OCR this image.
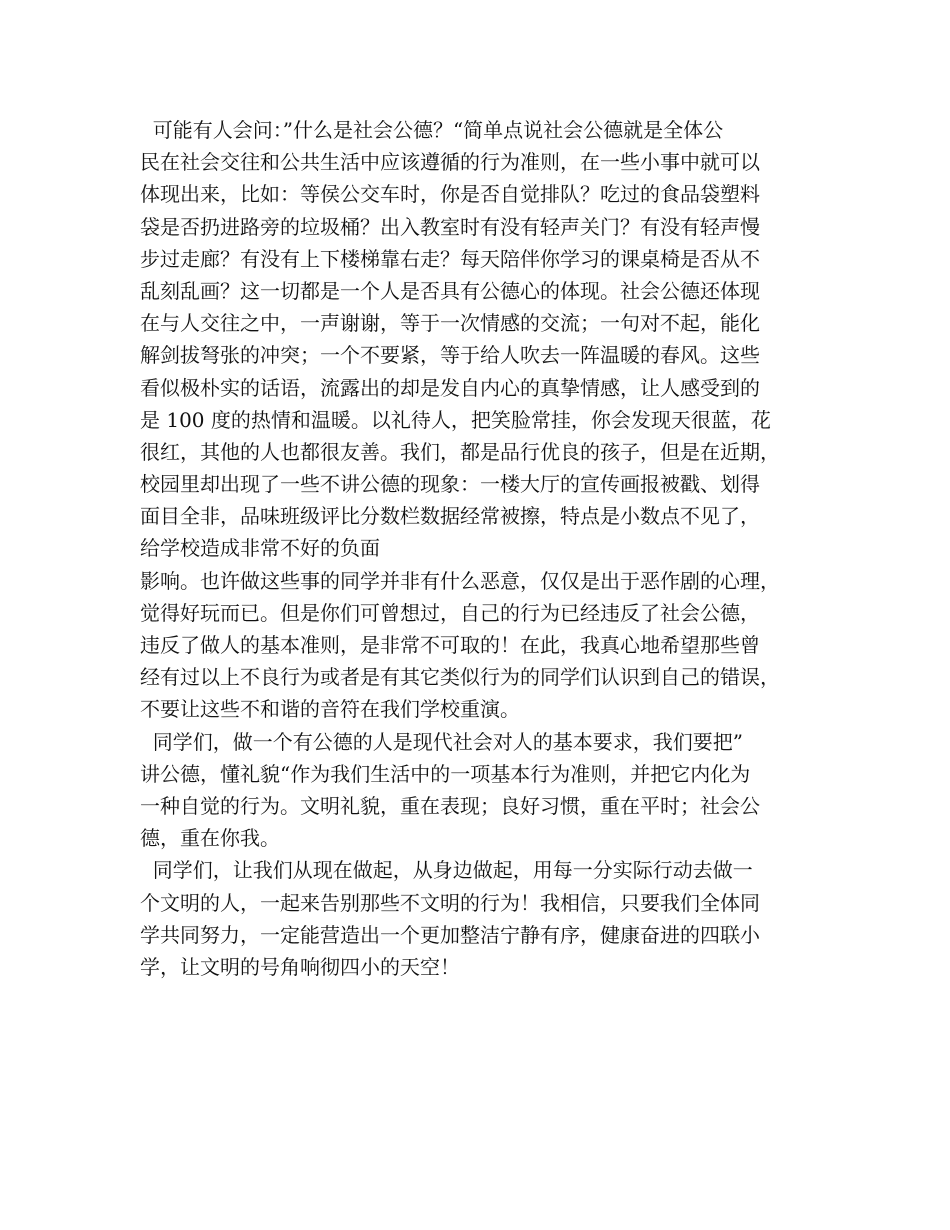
可能有人会问：”什么是社会公德？“简单点说社会公德就是全体公
民在社会交往和公共生活中应该遵循的行为准则，在一些小事中就可以
体现出来，比如：等侯公交车时，你是否自觉排队？吃过的食品袋塑料
袋是否扔进路旁的垃圾桶？出入教室时有没有轻声关门？有没有轻声慢
步过走廊？有没有上下楼梯靠右走？每天陪伴你学习的课桌椅是否从不
乱刻乱画？这一切都是一个人是否具有公德心的体现。社会公德还体现
在与人交往之中，一声谢谢，等于一次情感的交流；一句对不起，能化
解剑拔弩张的冲突；一个不要紧，等于给人吹去一阵温暖的春风。这些
看似极朴实的话语，流露出的却是发自内心的真挚情感，让人感受到的
是 100 度的热情和温暖。以礼待人，把笑脸常挂，你会发现天很蓝，花
很红，其他的人也都很友善。我们，都是品行优良的孩子，但是在近期，
校园里却出现了一些不讲公德的现象：一楼大厅的宣传画报被戳、划得
面目全非，品味班级评比分数栏数据经常被擦，特点是小数点不见了，
给学校造成非常不好的负面
影响。也许做这些事的同学并非有什么恶意，仅仅是出于恶作剧的心理，
觉得好玩而已。但是你们可曾想过，自己的行为已经违反了社会公德，
违反了做人的基本准则，是非常不可取的！在此，我真心地希望那些曾
经有过以上不良行为或者是有其它类似行为的同学们认识到自己的错误，
不要让这些不和谐的音符在我们学校重演。
同学们，做一个有公德的人是现代社会对人的基本要求，我们要把”
讲公德，懂礼貌“作为我们生活中的一项基本行为准则，并把它内化为
一种自觉的行为。文明礼貌，重在表现；良好习惯，重在平时；社会公
德，重在你我。
同学们，让我们从现在做起，从身边做起，用每一分实际行动去做一
个文明的人，一起来告别那些不文明的行为！我相信，只要我们全体同
学共同努力，一定能营造出一个更加整洁宁静有序，健康奋进的四联小
学，让文明的号角响彻四小的天空！
